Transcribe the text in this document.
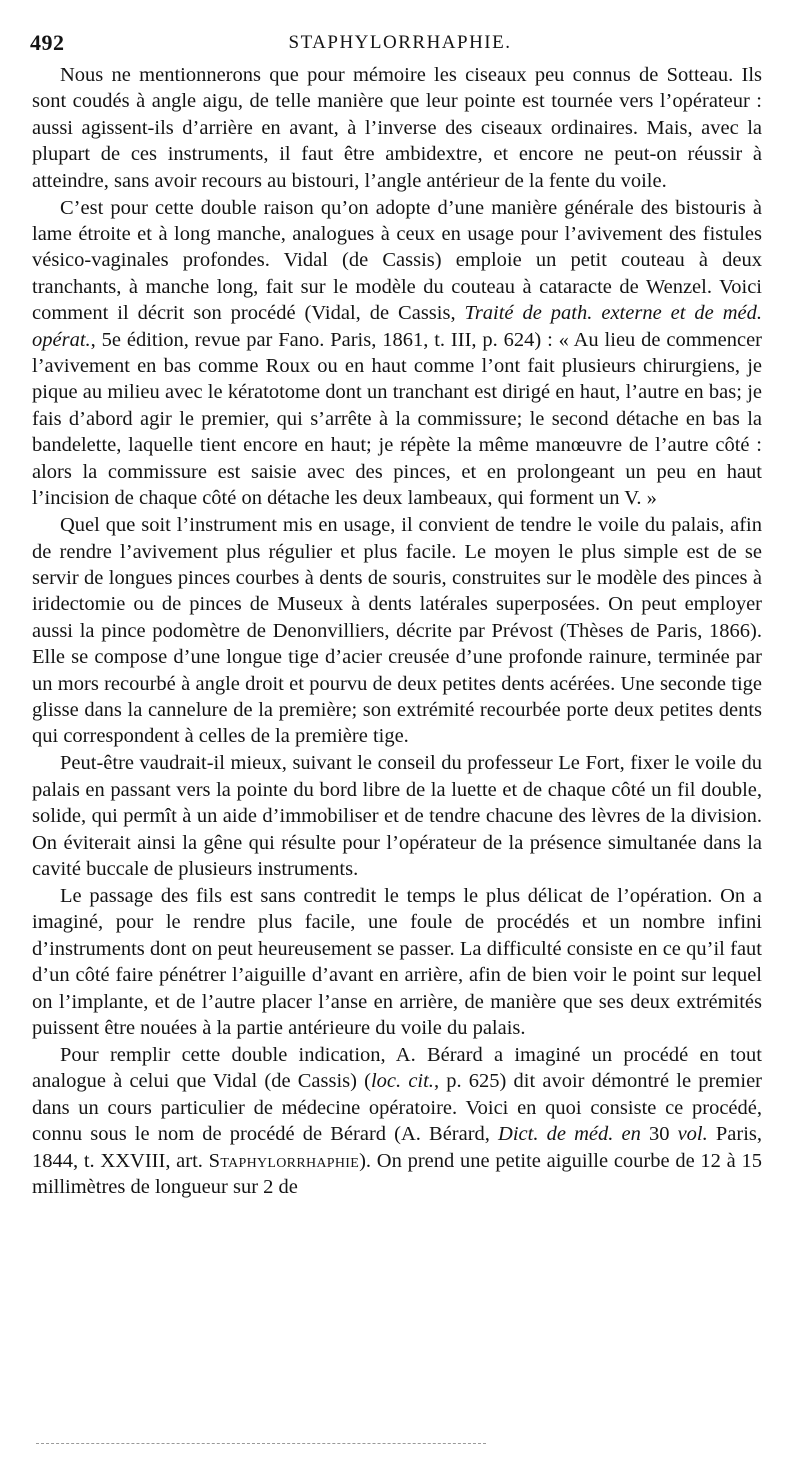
492	STAPHYLORRHAPHIE.

Nous ne mentionnerons que pour mémoire les ciseaux peu connus de Sotteau. Ils sont coudés à angle aigu, de telle manière que leur pointe est tournée vers l’opérateur : aussi agissent-ils d’arrière en avant, à l’inverse des ciseaux ordinaires. Mais, avec la plupart de ces instruments, il faut être ambidextre, et encore ne peut-on réussir à atteindre, sans avoir recours au bistouri, l’angle antérieur de la fente du voile.

C’est pour cette double raison qu’on adopte d’une manière générale des bistouris à lame étroite et à long manche, analogues à ceux en usage pour l’avivement des fistules vésico-vaginales profondes. Vidal (de Cassis) emploie un petit couteau à deux tranchants, à manche long, fait sur le modèle du couteau à cataracte de Wenzel. Voici comment il décrit son procédé (Vidal, de Cassis, Traité de path. externe et de méd. opérat., 5e édition, revue par Fano. Paris, 1861, t. III, p. 624) : « Au lieu de commencer l’avivement en bas comme Roux ou en haut comme l’ont fait plusieurs chirurgiens, je pique au milieu avec le kératotome dont un tranchant est dirigé en haut, l’autre en bas; je fais d’abord agir le premier, qui s’arrête à la commissure; le second détache en bas la bandelette, laquelle tient encore en haut; je répète la même manœuvre de l’autre côté : alors la commissure est saisie avec des pinces, et en prolongeant un peu en haut l’incision de chaque côté on détache les deux lambeaux, qui forment un V. »

Quel que soit l’instrument mis en usage, il convient de tendre le voile du palais, afin de rendre l’avivement plus régulier et plus facile. Le moyen le plus simple est de se servir de longues pinces courbes à dents de souris, construites sur le modèle des pinces à iridectomie ou de pinces de Museux à dents latérales superposées. On peut employer aussi la pince podomètre de Denonvilliers, décrite par Prévost (Thèses de Paris, 1866). Elle se compose d’une longue tige d’acier creusée d’une profonde rainure, terminée par un mors recourbé à angle droit et pourvu de deux petites dents acérées. Une seconde tige glisse dans la cannelure de la première; son extrémité recourbée porte deux petites dents qui correspondent à celles de la première tige.

Peut-être vaudrait-il mieux, suivant le conseil du professeur Le Fort, fixer le voile du palais en passant vers la pointe du bord libre de la luette et de chaque côté un fil double, solide, qui permît à un aide d’immobiliser et de tendre chacune des lèvres de la division. On éviterait ainsi la gêne qui résulte pour l’opérateur de la présence simultanée dans la cavité buccale de plusieurs instruments.

Le passage des fils est sans contredit le temps le plus délicat de l’opération. On a imaginé, pour le rendre plus facile, une foule de procédés et un nombre infini d’instruments dont on peut heureusement se passer. La difficulté consiste en ce qu’il faut d’un côté faire pénétrer l’aiguille d’avant en arrière, afin de bien voir le point sur lequel on l’implante, et de l’autre placer l’anse en arrière, de manière que ses deux extrémités puissent être nouées à la partie antérieure du voile du palais.

Pour remplir cette double indication, A. Bérard a imaginé un procédé en tout analogue à celui que Vidal (de Cassis) (loc. cit., p. 625) dit avoir démontré le premier dans un cours particulier de médecine opératoire. Voici en quoi consiste ce procédé, connu sous le nom de procédé de Bérard (A. Bérard, Dict. de méd. en 30 vol. Paris, 1844, t. XXVIII, art. Staphylorrhaphie). On prend une petite aiguille courbe de 12 à 15 millimètres de longueur sur 2 de
